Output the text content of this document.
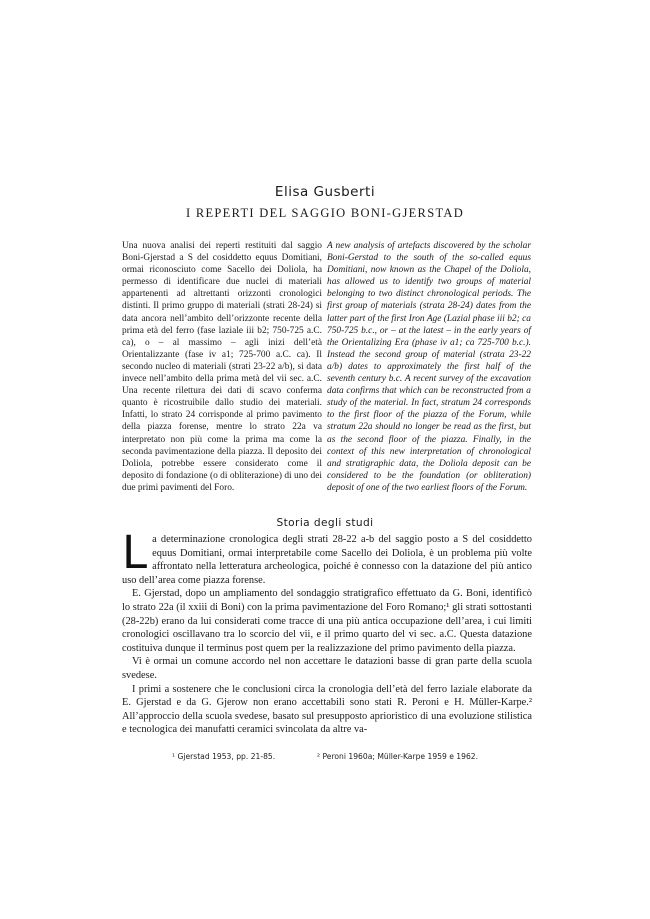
Elisa Gusberti
I REPERTI DEL SAGGIO BONI-GJERSTAD

Una nuova analisi dei reperti restituiti dal saggio Boni-Gjerstad a S del cosiddetto equus Domitiani, ormai riconosciuto come Sacello dei Doliola, ha permesso di identificare due nuclei di materiali appartenenti ad altrettanti orizzonti cronologici distinti. Il primo gruppo di materiali (strati 28-24) si data ancora nell’ambito dell’orizzonte recente della prima età del ferro (fase laziale iii b2; 750-725 a.C. ca), o – al massimo – agli inizi dell’età Orientalizzante (fase iv a1; 725-700 a.C. ca). Il secondo nucleo di materiali (strati 23-22 a/b), si data invece nell’ambito della prima metà del vii sec. a.C. Una recente rilettura dei dati di scavo conferma quanto è ricostruibile dallo studio dei materiali. Infatti, lo strato 24 corrisponde al primo pavimento della piazza forense, mentre lo strato 22a va interpretato non più come la prima ma come la seconda pavimentazione della piazza. Il deposito dei Doliola, potrebbe essere considerato come il deposito di fondazione (o di obliterazione) di uno dei due primi pavimenti del Foro.

A new analysis of artefacts discovered by the scholar Boni-Gerstad to the south of the so-called equus Domitiani, now known as the Chapel of the Doliola, has allowed us to identify two groups of material belonging to two distinct chronological periods. The first group of materials (strata 28-24) dates from the latter part of the first Iron Age (Lazial phase iii b2; ca 750-725 b.c., or – at the latest – in the early years of the Orientalizing Era (phase iv a1; ca 725-700 b.c.). Instead the second group of material (strata 23-22 a/b) dates to approximately the first half of the seventh century b.c. A recent survey of the excavation data confirms that which can be reconstructed from a study of the material. In fact, stratum 24 corresponds to the first floor of the piazza of the Forum, while stratum 22a should no longer be read as the first, but as the second floor of the piazza. Finally, in the context of this new interpretation of chronological and stratigraphic data, the Doliola deposit can be considered to be the foundation (or obliteration) deposit of one of the two earliest floors of the Forum.

Storia degli studi

La determinazione cronologica degli strati 28-22 a-b del saggio posto a S del cosiddetto equus Domitiani, ormai interpretabile come Sacello dei Doliola, è un problema più volte affrontato nella letteratura archeologica, poiché è connesso con la datazione del più antico uso dell’area come piazza forense.

E. Gjerstad, dopo un ampliamento del sondaggio stratigrafico effettuato da G. Boni, identificò lo strato 22a (il xxiii di Boni) con la prima pavimentazione del Foro Romano;¹ gli strati sottostanti (28-22b) erano da lui considerati come tracce di una più antica occupazione dell’area, i cui limiti cronologici oscillavano tra lo scorcio del vii, e il primo quarto del vi sec. a.C. Questa datazione costituiva dunque il terminus post quem per la realizzazione del primo pavimento della piazza.

Vi è ormai un comune accordo nel non accettare le datazioni basse di gran parte della scuola svedese.

I primi a sostenere che le conclusioni circa la cronologia dell’età del ferro laziale elaborate da E. Gjerstad e da G. Gjerow non erano accettabili sono stati R. Peroni e H. Müller-Karpe.² All’approccio della scuola svedese, basato sul presupposto aprioristico di una evoluzione stilistica e tecnologica dei manufatti ceramici svincolata da altre va-

¹ Gjerstad 1953, pp. 21-85.	² Peroni 1960a; Müller-Karpe 1959 e 1962.
